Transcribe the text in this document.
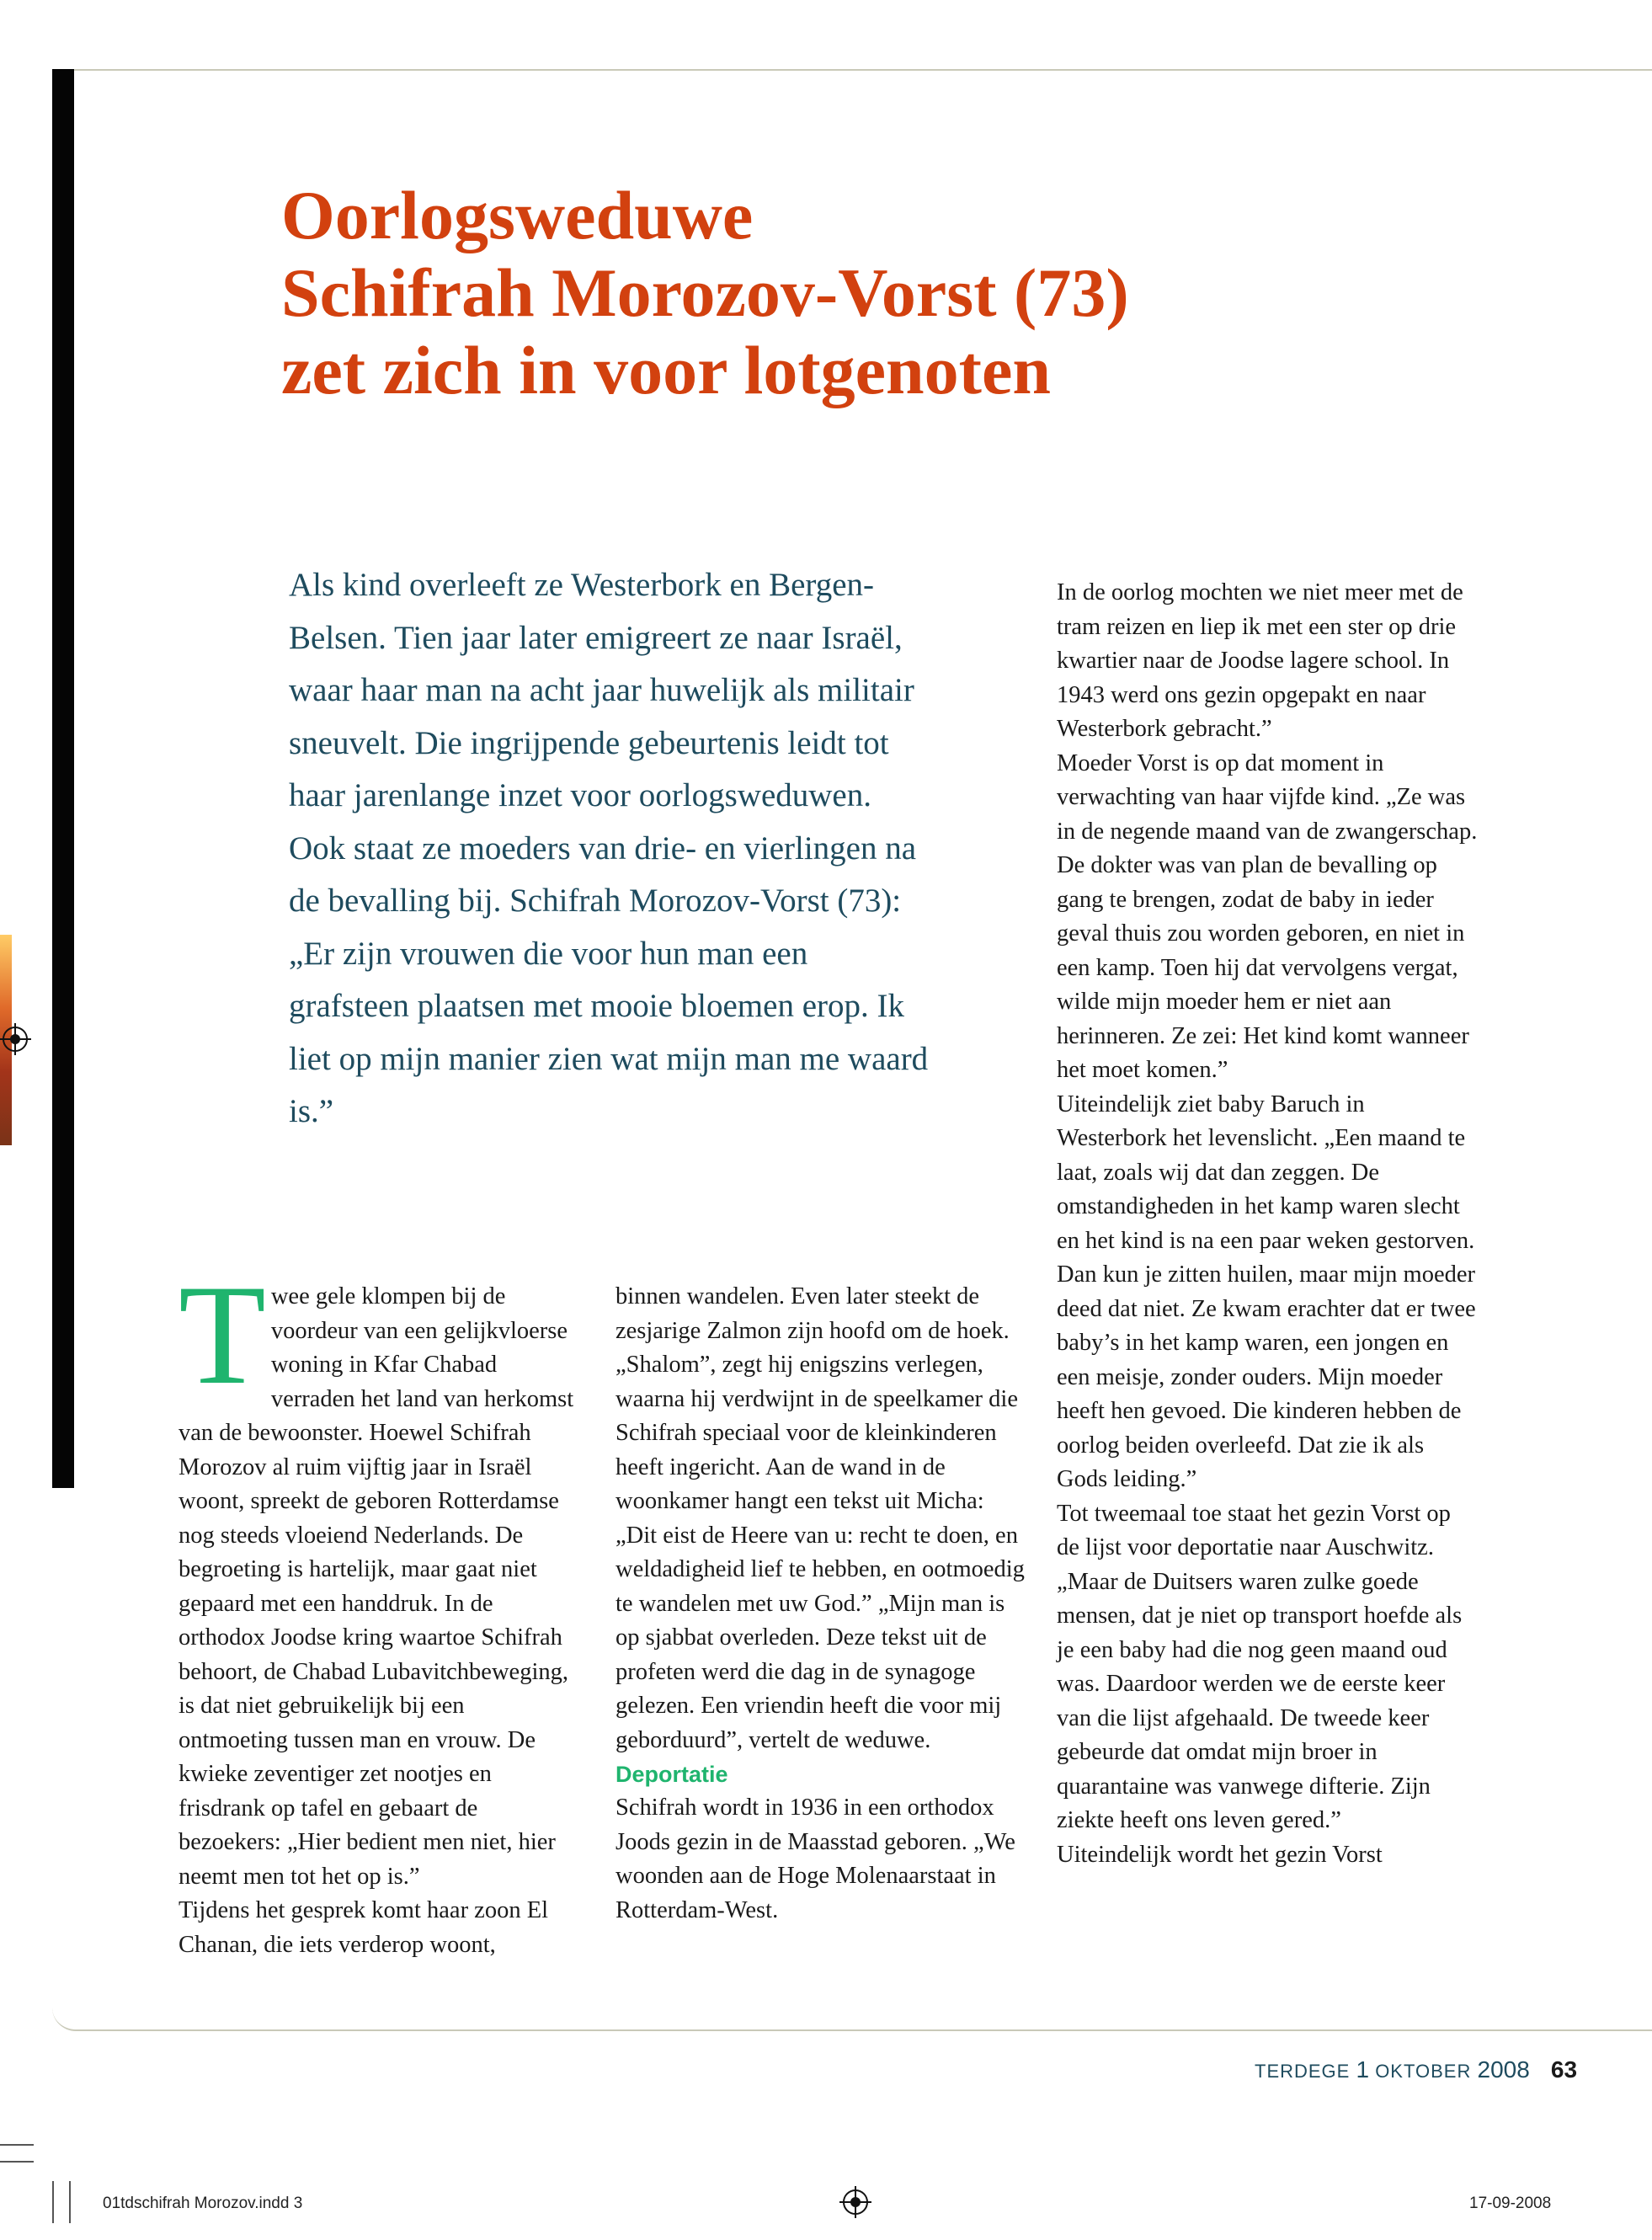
Oorlogsweduwe
Schifrah Morozov-Vorst (73)
zet zich in voor lotgenoten
Als kind overleeft ze Westerbork en Bergen-Belsen. Tien jaar later emigreert ze naar Israël, waar haar man na acht jaar huwelijk als militair sneuvelt. Die ingrijpende gebeurtenis leidt tot haar jarenlange inzet voor oorlogsweduwen. Ook staat ze moeders van drie- en vierlingen na de bevalling bij. Schifrah Morozov-Vorst (73): „Er zijn vrouwen die voor hun man een grafsteen plaatsen met mooie bloemen erop. Ik liet op mijn manier zien wat mijn man me waard is.”

Twee gele klompen bij de voordeur van een gelijkvloerse woning in Kfar Chabad verraden het land van herkomst van de bewoonster. Hoewel Schifrah Morozov al ruim vijftig jaar in Israël woont, spreekt de geboren Rotterdamse nog steeds vloeiend Nederlands. De begroeting is hartelijk, maar gaat niet gepaard met een handdruk. In de orthodox Joodse kring waartoe Schifrah behoort, de Chabad Lubavitchbeweging, is dat niet gebruikelijk bij een ontmoeting tussen man en vrouw. De kwieke zeventiger zet nootjes en frisdrank op tafel en gebaart de bezoekers: „Hier bedient men niet, hier neemt men tot het op is.”

Tijdens het gesprek komt haar zoon El Chanan, die iets verderop woont,

binnen wandelen. Even later steekt de zesjarige Zalmon zijn hoofd om de hoek. „Shalom”, zegt hij enigszins verlegen, waarna hij verdwijnt in de speelkamer die Schifrah speciaal voor de kleinkinderen heeft ingericht. Aan de wand in de woonkamer hangt een tekst uit Micha: „Dit eist de Heere van u: recht te doen, en weldadigheid lief te hebben, en ootmoedig te wandelen met uw God.” „Mijn man is op sjabbat overleden. Deze tekst uit de profeten werd die dag in de synagoge gelezen. Een vriendin heeft die voor mij geborduurd”, vertelt de weduwe.

Deportatie

Schifrah wordt in 1936 in een orthodox Joods gezin in de Maasstad geboren. „We woonden aan de Hoge Molenaarstaat in Rotterdam-West.

In de oorlog mochten we niet meer met de tram reizen en liep ik met een ster op drie kwartier naar de Joodse lagere school. In 1943 werd ons gezin opgepakt en naar Westerbork gebracht.”

Moeder Vorst is op dat moment in verwachting van haar vijfde kind. „Ze was in de negende maand van de zwangerschap. De dokter was van plan de bevalling op gang te brengen, zodat de baby in ieder geval thuis zou worden geboren, en niet in een kamp. Toen hij dat vervolgens vergat, wilde mijn moeder hem er niet aan herinneren. Ze zei: Het kind komt wanneer het moet komen.”

Uiteindelijk ziet baby Baruch in Westerbork het levenslicht. „Een maand te laat, zoals wij dat dan zeggen. De omstandigheden in het kamp waren slecht en het kind is na een paar weken gestorven. Dan kun je zitten huilen, maar mijn moeder deed dat niet. Ze kwam erachter dat er twee baby’s in het kamp waren, een jongen en een meisje, zonder ouders. Mijn moeder heeft hen gevoed. Die kinderen hebben de oorlog beiden overleefd. Dat zie ik als Gods leiding.”

Tot tweemaal toe staat het gezin Vorst op de lijst voor deportatie naar Auschwitz. „Maar de Duitsers waren zulke goede mensen, dat je niet op transport hoefde als je een baby had die nog geen maand oud was. Daardoor werden we de eerste keer van die lijst afgehaald. De tweede keer gebeurde dat omdat mijn broer in quarantaine was vanwege difterie. Zijn ziekte heeft ons leven gered.”

Uiteindelijk wordt het gezin Vorst

TERDEGE 1 OKTOBER 2008 63
01tdschifrah Morozov.indd 3	17-09-2008
